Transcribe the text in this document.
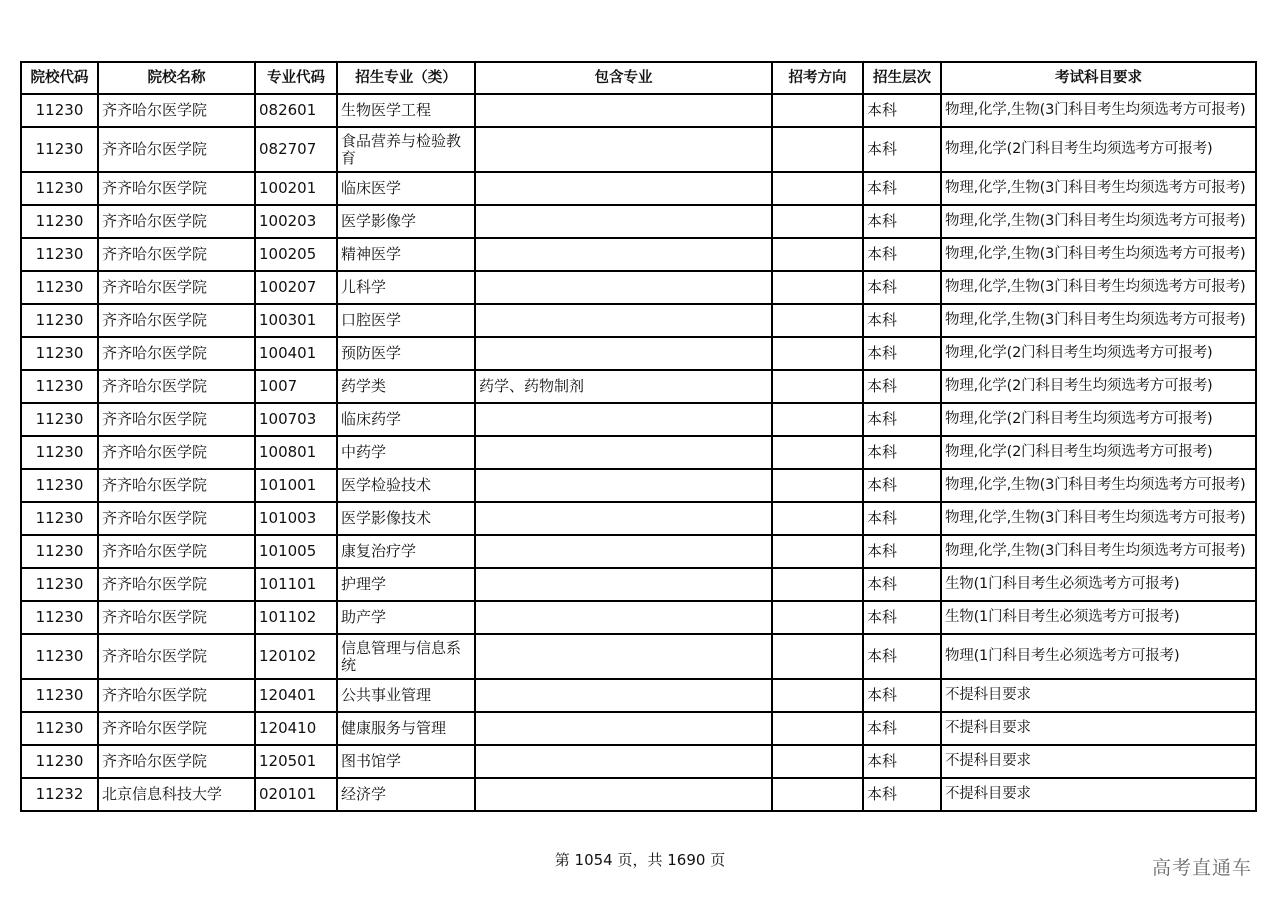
院校代码	院校名称	专业代码	招生专业（类）	包含专业	招考方向	招生层次	考试科目要求
11230	齐齐哈尔医学院	082601	生物医学工程			本科	物理,化学,生物(3门科目考生均须选考方可报考)
11230	齐齐哈尔医学院	082707	食品营养与检验教育			本科	物理,化学(2门科目考生均须选考方可报考)
11230	齐齐哈尔医学院	100201	临床医学			本科	物理,化学,生物(3门科目考生均须选考方可报考)
11230	齐齐哈尔医学院	100203	医学影像学			本科	物理,化学,生物(3门科目考生均须选考方可报考)
11230	齐齐哈尔医学院	100205	精神医学			本科	物理,化学,生物(3门科目考生均须选考方可报考)
11230	齐齐哈尔医学院	100207	儿科学			本科	物理,化学,生物(3门科目考生均须选考方可报考)
11230	齐齐哈尔医学院	100301	口腔医学			本科	物理,化学,生物(3门科目考生均须选考方可报考)
11230	齐齐哈尔医学院	100401	预防医学			本科	物理,化学(2门科目考生均须选考方可报考)
11230	齐齐哈尔医学院	1007	药学类	药学、药物制剂		本科	物理,化学(2门科目考生均须选考方可报考)
11230	齐齐哈尔医学院	100703	临床药学			本科	物理,化学(2门科目考生均须选考方可报考)
11230	齐齐哈尔医学院	100801	中药学			本科	物理,化学(2门科目考生均须选考方可报考)
11230	齐齐哈尔医学院	101001	医学检验技术			本科	物理,化学,生物(3门科目考生均须选考方可报考)
11230	齐齐哈尔医学院	101003	医学影像技术			本科	物理,化学,生物(3门科目考生均须选考方可报考)
11230	齐齐哈尔医学院	101005	康复治疗学			本科	物理,化学,生物(3门科目考生均须选考方可报考)
11230	齐齐哈尔医学院	101101	护理学			本科	生物(1门科目考生必须选考方可报考)
11230	齐齐哈尔医学院	101102	助产学			本科	生物(1门科目考生必须选考方可报考)
11230	齐齐哈尔医学院	120102	信息管理与信息系统			本科	物理(1门科目考生必须选考方可报考)
11230	齐齐哈尔医学院	120401	公共事业管理			本科	不提科目要求
11230	齐齐哈尔医学院	120410	健康服务与管理			本科	不提科目要求
11230	齐齐哈尔医学院	120501	图书馆学			本科	不提科目要求
11232	北京信息科技大学	020101	经济学			本科	不提科目要求
第 1054 页，共 1690 页	高考直通车
